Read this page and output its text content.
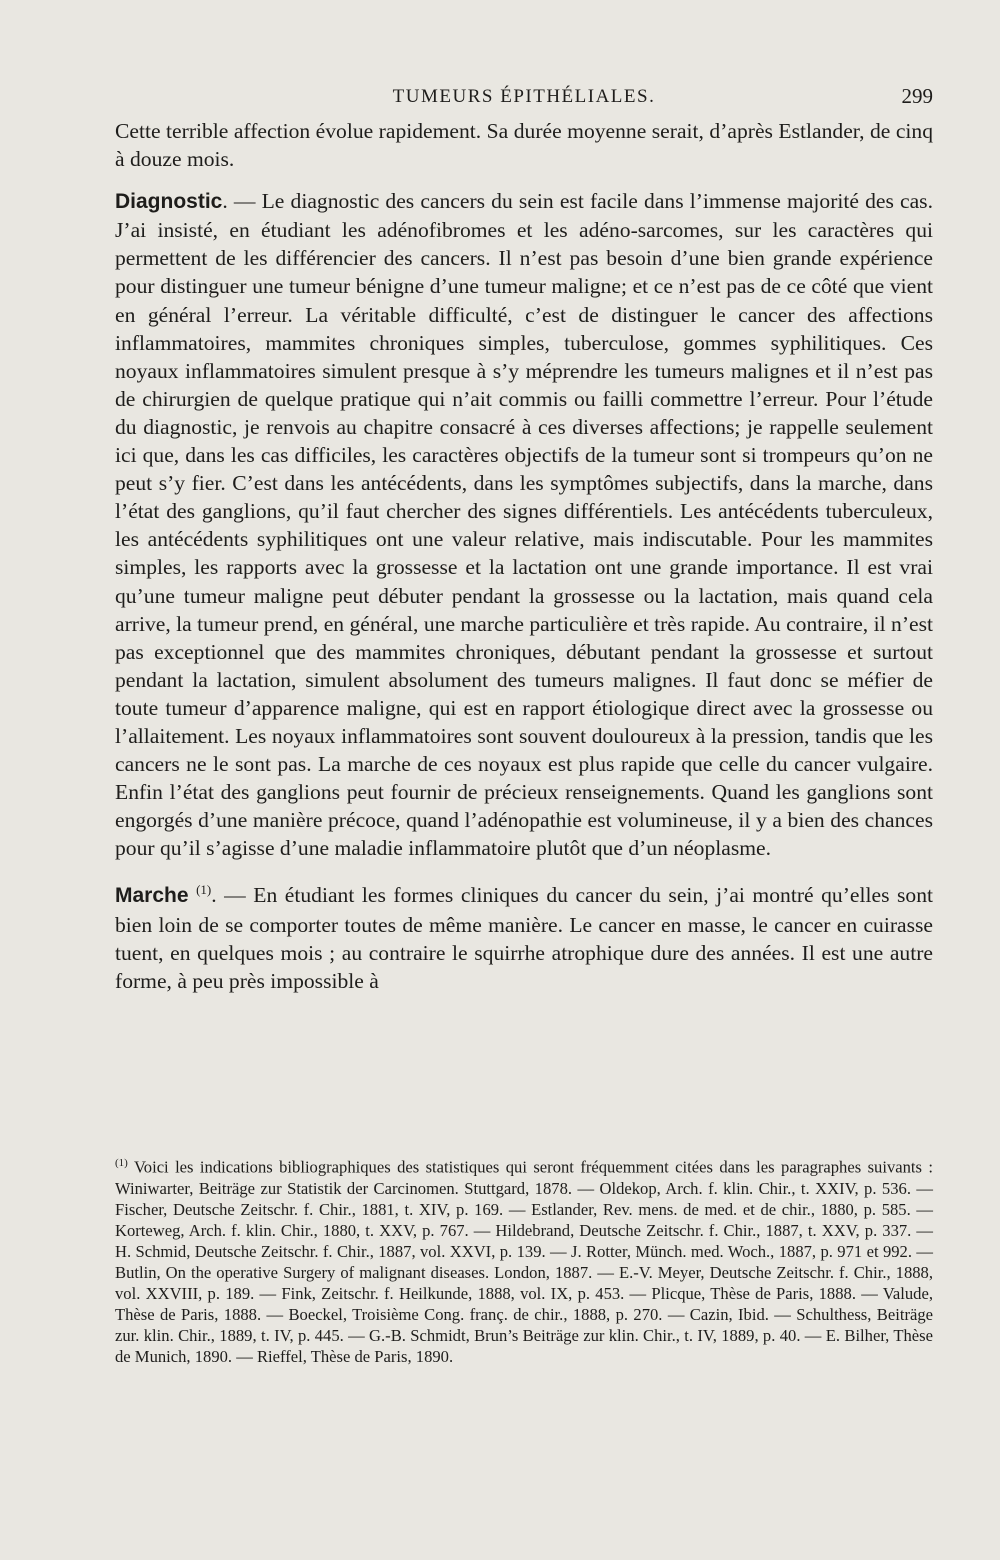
TUMEURS ÉPITHÉLIALES.	299

Cette terrible affection évolue rapidement. Sa durée moyenne serait, d’après Estlander, de cinq à douze mois.

Diagnostic. — Le diagnostic des cancers du sein est facile dans l’immense majorité des cas. J’ai insisté, en étudiant les adénofibromes et les adéno-sarcomes, sur les caractères qui permettent de les différencier des cancers. Il n’est pas besoin d’une bien grande expérience pour distinguer une tumeur bénigne d’une tumeur maligne; et ce n’est pas de ce côté que vient en général l’erreur. La véritable difficulté, c’est de distinguer le cancer des affections inflammatoires, mammites chroniques simples, tuberculose, gommes syphilitiques. Ces noyaux inflammatoires simulent presque à s’y méprendre les tumeurs malignes et il n’est pas de chirurgien de quelque pratique qui n’ait commis ou failli commettre l’erreur. Pour l’étude du diagnostic, je renvois au chapitre consacré à ces diverses affections; je rappelle seulement ici que, dans les cas difficiles, les caractères objectifs de la tumeur sont si trompeurs qu’on ne peut s’y fier. C’est dans les antécédents, dans les symptômes subjectifs, dans la marche, dans l’état des ganglions, qu’il faut chercher des signes différentiels. Les antécédents tuberculeux, les antécédents syphilitiques ont une valeur relative, mais indiscutable. Pour les mammites simples, les rapports avec la grossesse et la lactation ont une grande importance. Il est vrai qu’une tumeur maligne peut débuter pendant la grossesse ou la lactation, mais quand cela arrive, la tumeur prend, en général, une marche particulière et très rapide. Au contraire, il n’est pas exceptionnel que des mammites chroniques, débutant pendant la grossesse et surtout pendant la lactation, simulent absolument des tumeurs malignes. Il faut donc se méfier de toute tumeur d’apparence maligne, qui est en rapport étiologique direct avec la grossesse ou l’allaitement. Les noyaux inflammatoires sont souvent douloureux à la pression, tandis que les cancers ne le sont pas. La marche de ces noyaux est plus rapide que celle du cancer vulgaire. Enfin l’état des ganglions peut fournir de précieux renseignements. Quand les ganglions sont engorgés d’une manière précoce, quand l’adénopathie est volumineuse, il y a bien des chances pour qu’il s’agisse d’une maladie inflammatoire plutôt que d’un néoplasme.

Marche $^{(1)}$. — En étudiant les formes cliniques du cancer du sein, j’ai montré qu’elles sont bien loin de se comporter toutes de même manière. Le cancer en masse, le cancer en cuirasse tuent, en quelques mois ; au contraire le squirrhe atrophique dure des années. Il est une autre forme, à peu près impossible à

$^{(1)}$ Voici les indications bibliographiques des statistiques qui seront fréquemment citées dans les paragraphes suivants : Winiwarter, Beiträge zur Statistik der Carcinomen. Stuttgard, 1878. — Oldekop, Arch. f. klin. Chir., t. XXIV, p. 536. — Fischer, Deutsche Zeitschr. f. Chir., 1881, t. XIV, p. 169. — Estlander, Rev. mens. de med. et de chir., 1880, p. 585. — Korteweg, Arch. f. klin. Chir., 1880, t. XXV, p. 767. — Hildebrand, Deutsche Zeitschr. f. Chir., 1887, t. XXV, p. 337. — H. Schmid, Deutsche Zeitschr. f. Chir., 1887, vol. XXVI, p. 139. — J. Rotter, Münch. med. Woch., 1887, p. 971 et 992. — Butlin, On the operative Surgery of malignant diseases. London, 1887. — E.-V. Meyer, Deutsche Zeitschr. f. Chir., 1888, vol. XXVIII, p. 189. — Fink, Zeitschr. f. Heilkunde, 1888, vol. IX, p. 453. — Plicque, Thèse de Paris, 1888. — Valude, Thèse de Paris, 1888. — Boeckel, Troisième Cong. franç. de chir., 1888, p. 270. — Cazin, Ibid. — Schulthess, Beiträge zur. klin. Chir., 1889, t. IV, p. 445. — G.-B. Schmidt, Brun’s Beiträge zur klin. Chir., t. IV, 1889, p. 40. — E. Bilher, Thèse de Munich, 1890. — Rieffel, Thèse de Paris, 1890.
